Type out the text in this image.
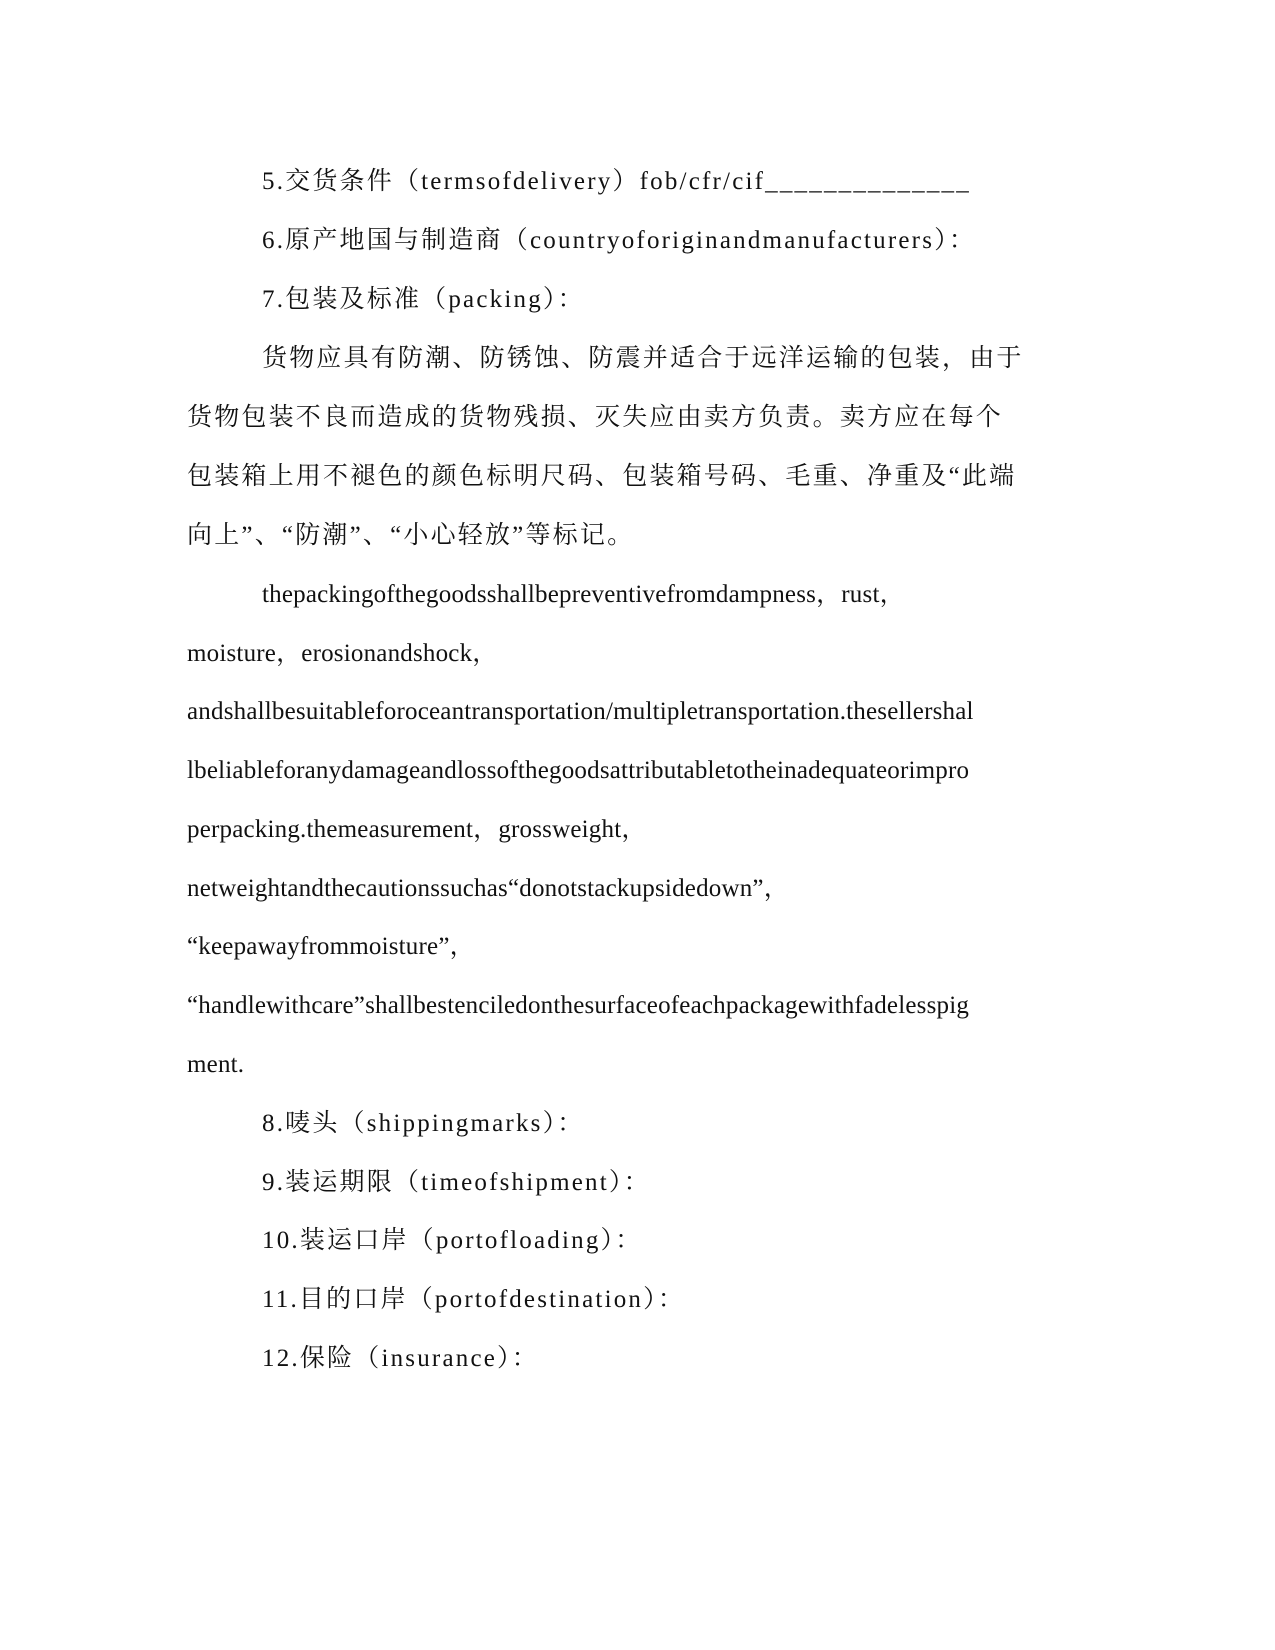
5.交货条件（termsofdelivery）fob/cfr/cif______________
6.原产地国与制造商（countryoforiginandmanufacturers）：
7.包装及标准（packing）：
货物应具有防潮、防锈蚀、防震并适合于远洋运输的包装，由于
货物包装不良而造成的货物残损、灭失应由卖方负责。卖方应在每个
包装箱上用不褪色的颜色标明尺码、包装箱号码、毛重、净重及“此端
向上”、“防潮”、“小心轻放”等标记。
thepackingofthegoodsshallbepreventivefromdampness，rust，
moisture，erosionandshock，
andshallbesuitableforoceantransportation/multipletransportation.thesellershal
lbeliableforanydamageandlossofthegoodsattributabletotheinadequateorimpro
perpacking.themeasurement，grossweight，
netweightandthecautionssuchas“donotstackupsidedown”，
“keepawayfrommoisture”，
“handlewithcare”shallbestenciledonthesurfaceofeachpackagewithfadelesspig
ment.
8.唛头（shippingmarks）：
9.装运期限（timeofshipment）：
10.装运口岸（portofloading）：
11.目的口岸（portofdestination）：
12.保险（insurance）：
